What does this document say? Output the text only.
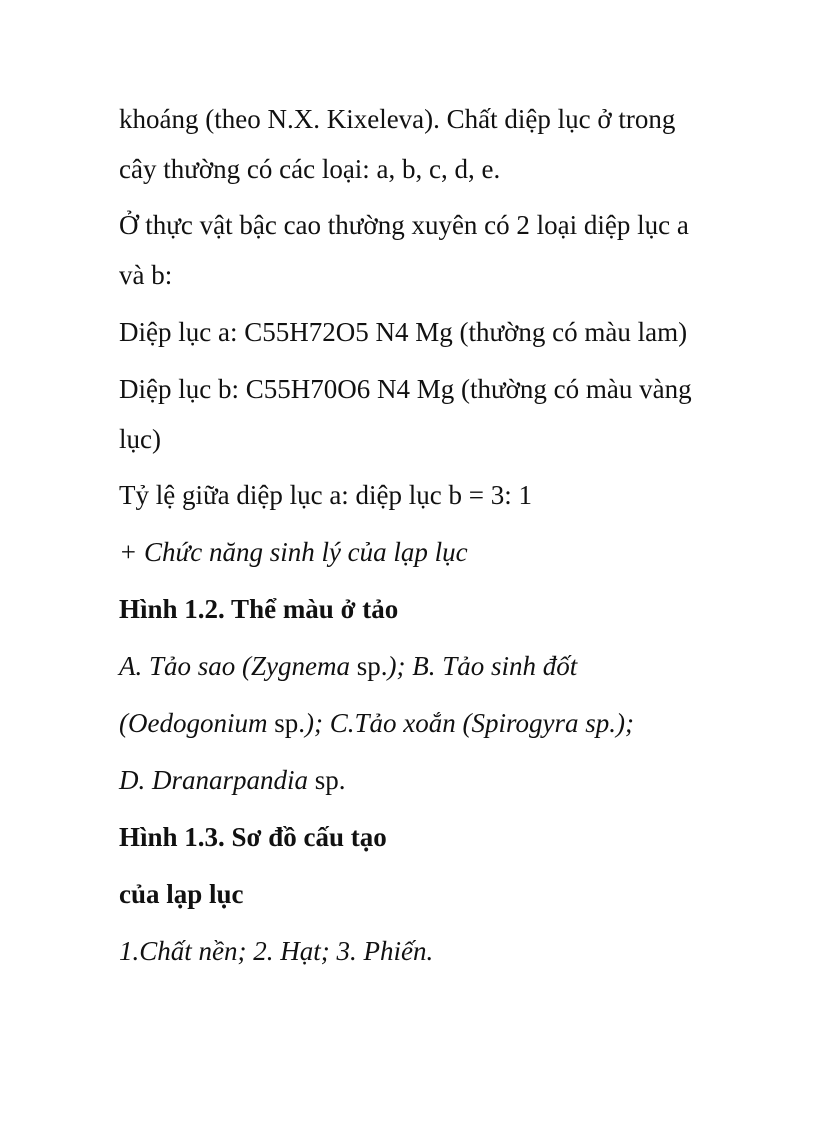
khoáng (theo N.X. Kixeleva). Chất diệp lục ở trong
cây thường có các loại: a, b, c, d, e.
Ở thực vật bậc cao thường xuyên có 2 loại diệp lục a
và b:
Diệp lục a: C55H72O5 N4 Mg (thường có màu lam)
Diệp lục b: C55H70O6 N4 Mg (thường có màu vàng
lục)
Tỷ lệ giữa diệp lục a: diệp lục b = 3: 1
+ Chức năng sinh lý của lạp lục
Hình 1.2. Thể màu ở tảo
A. Tảo sao (Zygnema sp.); B. Tảo sinh đốt
(Oedogonium sp.); C.Tảo xoắn (Spirogyra sp.);
D. Dranarpandia sp.
Hình 1.3. Sơ đồ cấu tạo
của lạp lục
1.Chất nền; 2. Hạt; 3. Phiến.
